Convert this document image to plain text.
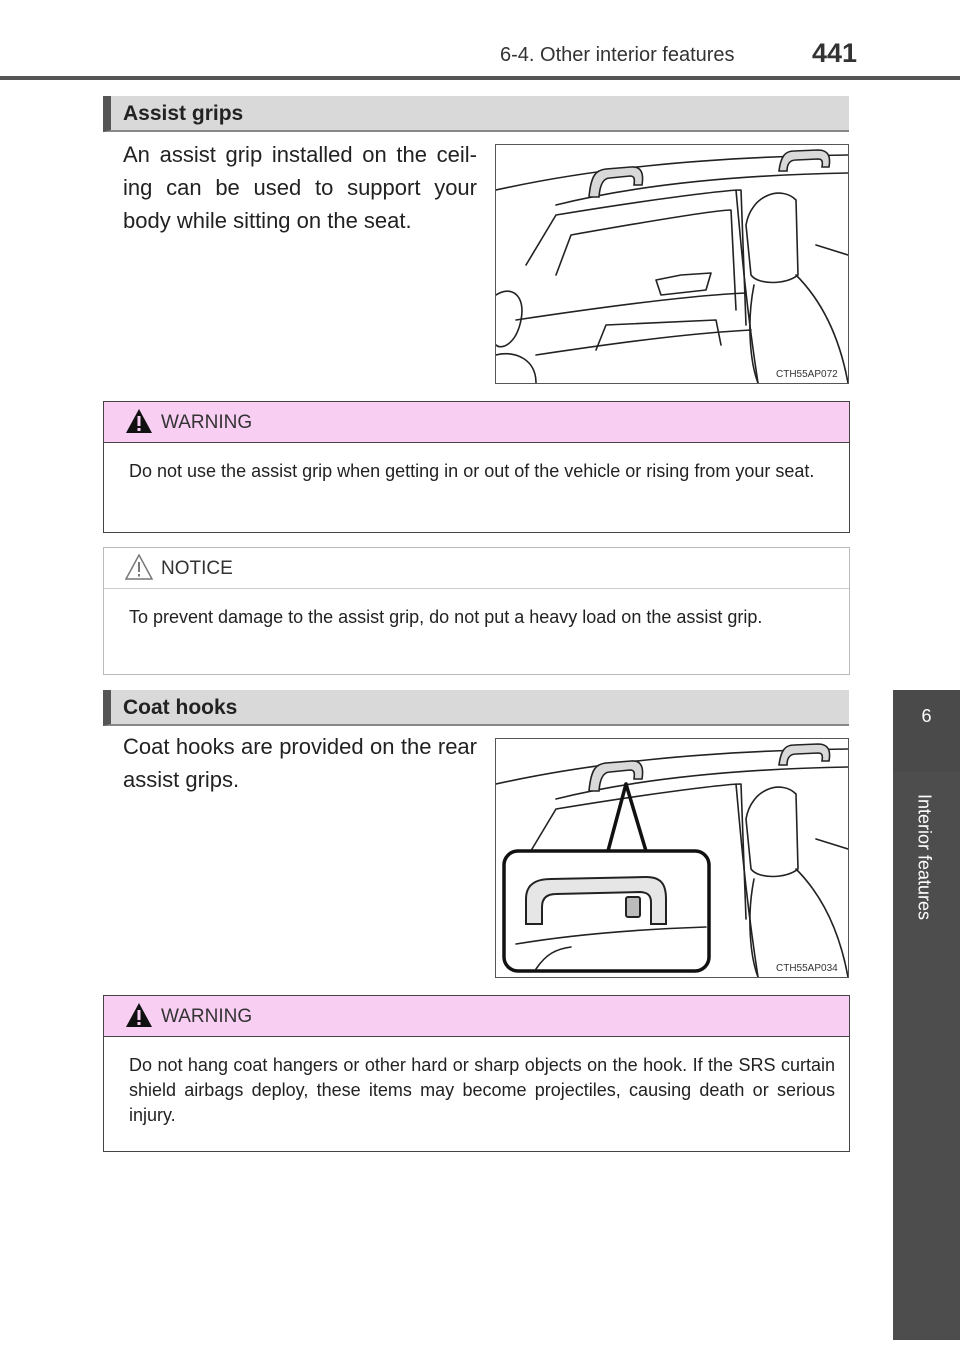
6-4. Other interior features	441
6
Interior features
Assist grips
An assist grip installed on the ceil-ing can be used to support your body while sitting on the seat.
CTH55AP072
WARNING
Do not use the assist grip when getting in or out of the vehicle or rising from your seat.
NOTICE
To prevent damage to the assist grip, do not put a heavy load on the assist grip.
Coat hooks
Coat hooks are provided on the rear assist grips.
CTH55AP034
WARNING
Do not hang coat hangers or other hard or sharp objects on the hook. If the SRS curtain shield airbags deploy, these items may become projectiles, causing death or serious injury.
